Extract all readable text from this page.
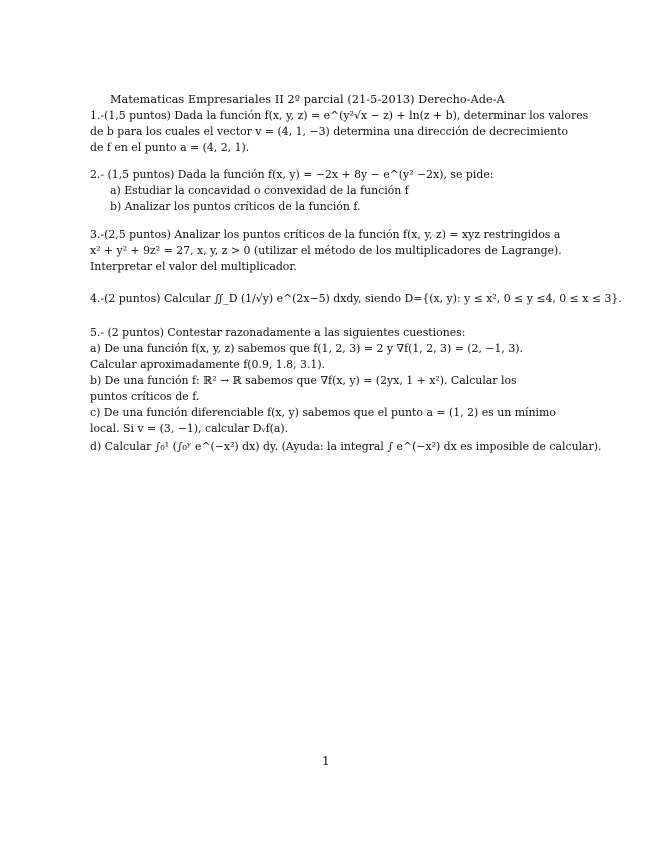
Matematicas Empresariales II 2º parcial (21-5-2013) Derecho-Ade-A
1.-(1,5 puntos) Dada la función f(x, y, z) = e^(y²√x − z) + ln(z + b), determinar los valores
de b para los cuales el vector v = (4, 1, −3) determina una dirección de decrecimiento
de f en el punto a = (4, 2, 1).
2.- (1,5 puntos) Dada la función f(x, y) = −2x + 8y − e^(y² −2x), se pide:
a) Estudiar la concavidad o convexidad de la función f
b) Analizar los puntos críticos de la función f.
3.-(2,5 puntos) Analizar los puntos críticos de la función f(x, y, z) = xyz restringidos a
x² + y² + 9z² = 27, x, y, z > 0 (utilizar el método de los multiplicadores de Lagrange).
Interpretar el valor del multiplicador.
4.-(2 puntos) Calcular ∬_D (1/√y) e^(2x−5) dxdy, siendo D={(x, y): y ≤ x², 0 ≤ y ≤4, 0 ≤ x ≤ 3}.
5.- (2 puntos) Contestar razonadamente a las siguientes cuestiones:
a) De una función f(x, y, z) sabemos que f(1, 2, 3) = 2 y ∇f(1, 2, 3) = (2, −1, 3).
Calcular aproximadamente f(0.9, 1.8, 3.1).
b) De una función f: ℝ² → ℝ sabemos que ∇f(x, y) = (2yx, 1 + x²). Calcular los
puntos críticos de f.
c) De una función diferenciable f(x, y) sabemos que el punto a = (1, 2) es un mínimo
local. Si v = (3, −1), calcular Dᵥf(a).
d) Calcular ∫₀¹ (∫₀ʸ e^(−x²) dx) dy. (Ayuda: la integral ∫ e^(−x²) dx es imposible de calcular).
1
